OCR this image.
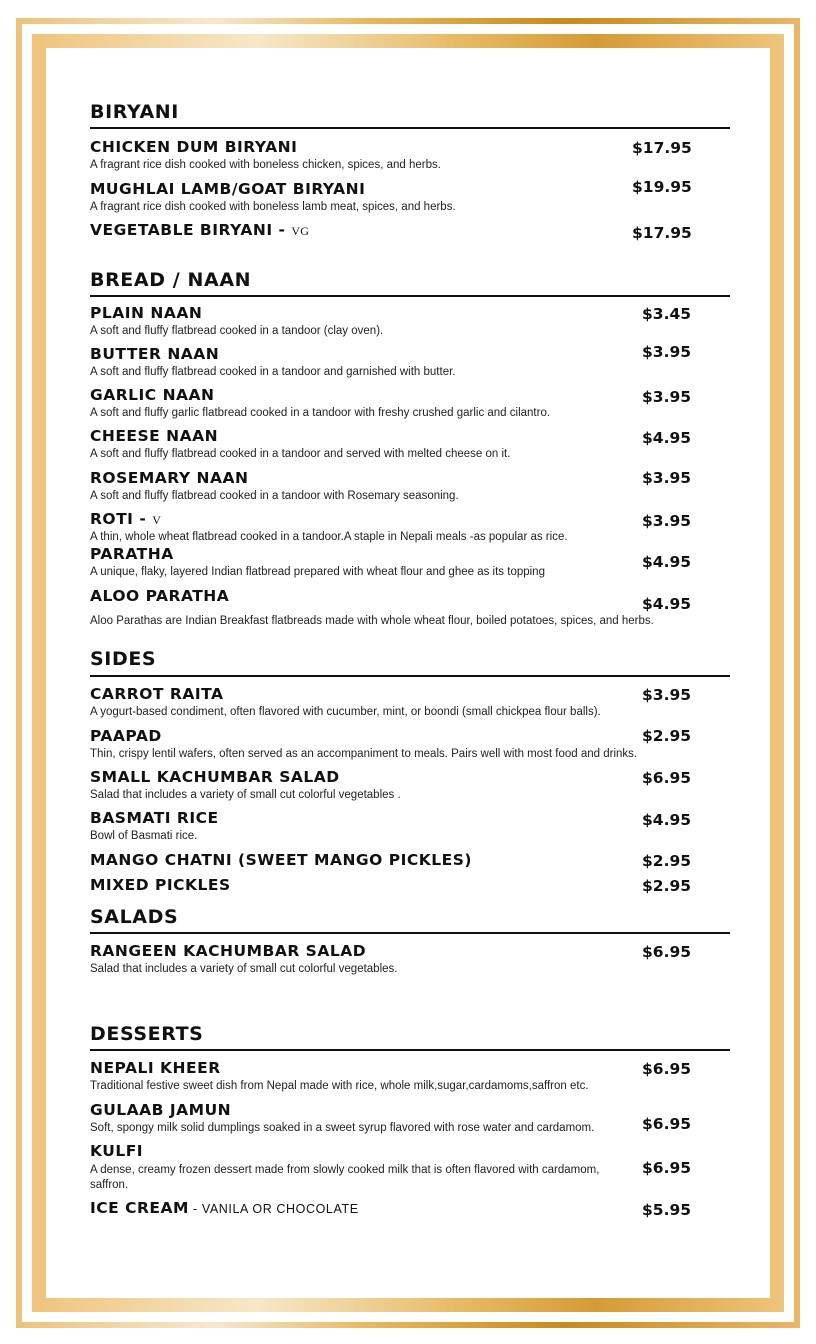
BIRYANI
CHICKEN DUM BIRYANI
A fragrant rice dish cooked with boneless chicken, spices, and herbs.
$17.95
MUGHLAI LAMB/GOAT BIRYANI
A fragrant rice dish cooked with boneless lamb meat, spices, and herbs.
$19.95
VEGETABLE BIRYANI - VG	$17.95
BREAD / NAAN
PLAIN NAAN
A soft and fluffy flatbread cooked in a tandoor (clay oven).
$3.45
BUTTER NAAN
A soft and fluffy flatbread cooked in a tandoor and garnished with butter.
$3.95
GARLIC NAAN
A soft and fluffy garlic flatbread cooked in a tandoor with freshy crushed garlic and cilantro.
$3.95
CHEESE NAAN
A soft and fluffy flatbread cooked in a tandoor and served with melted cheese on it.
$4.95
ROSEMARY NAAN
A soft and fluffy flatbread cooked in a tandoor with Rosemary seasoning.
$3.95
ROTI - V
A thin, whole wheat flatbread cooked in a tandoor.A staple in Nepali meals -as popular as rice.
$3.95
PARATHA
A unique, flaky, layered Indian flatbread prepared with wheat flour and ghee as its topping
$4.95
ALOO PARATHA
Aloo Parathas are Indian Breakfast flatbreads made with whole wheat flour, boiled potatoes, spices, and herbs.
$4.95
SIDES
CARROT RAITA
A yogurt-based condiment, often flavored with cucumber, mint, or boondi (small chickpea flour balls).
$3.95
PAAPAD
Thin, crispy lentil wafers, often served as an accompaniment to meals. Pairs well with most food and drinks.
$2.95
SMALL KACHUMBAR SALAD
Salad that includes a variety of small cut colorful vegetables .
$6.95
BASMATI RICE
Bowl of Basmati rice.
$4.95
MANGO CHATNI (SWEET MANGO PICKLES)	$2.95
MIXED PICKLES	$2.95
SALADS
RANGEEN KACHUMBAR SALAD
Salad that includes a variety of small cut colorful vegetables.
$6.95
DESSERTS
NEPALI KHEER
Traditional festive sweet dish from Nepal made with rice, whole milk,sugar,cardamoms,saffron etc.
$6.95
GULAAB JAMUN
Soft, spongy milk solid dumplings soaked in a sweet syrup flavored with rose water and cardamom.	$6.95
KULFI
A dense, creamy frozen dessert made from slowly cooked milk that is often flavored with cardamom, saffron.
$6.95
ICE CREAM - VANILA OR CHOCOLATE	$5.95
